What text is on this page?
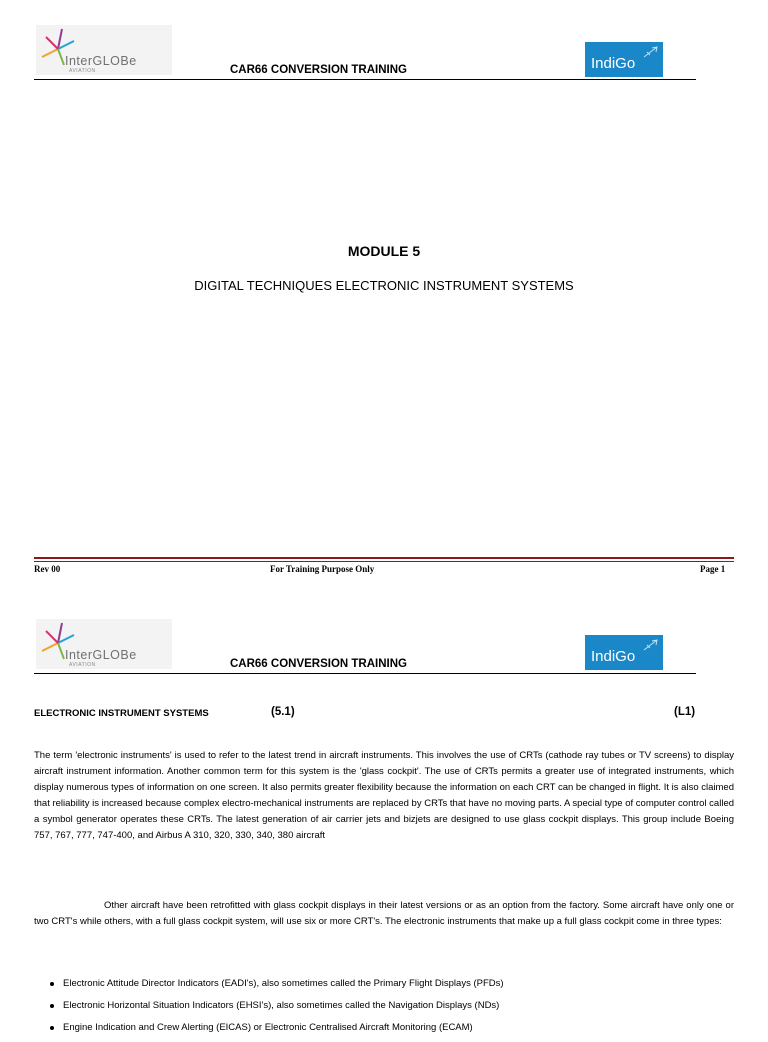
InterGLOBe
AVIATION	CAR66 CONVERSION TRAINING	IndiGo
MODULE 5
DIGITAL TECHNIQUES ELECTRONIC INSTRUMENT SYSTEMS
Rev 00	For Training Purpose Only	Page 1
InterGLOBe
AVIATION	CAR66 CONVERSION TRAINING	IndiGo
ELECTRONIC INSTRUMENT SYSTEMS	(5.1)	(L1)
The term 'electronic instruments' is used to refer to the latest trend in aircraft instruments. This involves the use of CRTs (cathode ray tubes or TV screens) to display aircraft instrument information. Another common term for this system is the 'glass cockpit'. The use of CRTs permits a greater use of integrated instruments, which display numerous types of information on one screen. It also permits greater flexibility because the information on each CRT can be changed in flight. It is also claimed that reliability is increased because complex electro-mechanical instruments are replaced by CRTs that have no moving parts. A special type of computer control called a symbol generator operates these CRTs. The latest generation of air carrier jets and bizjets are designed to use glass cockpit displays. This group include Boeing 757, 767, 777, 747-400, and Airbus A 310, 320, 330, 340, 380 aircraft
Other aircraft have been retrofitted with glass cockpit displays in their latest versions or as an option from the factory. Some aircraft have only one or two CRT's while others, with a full glass cockpit system, will use six or more CRT's. The electronic instruments that make up a full glass cockpit come in three types:
Electronic Attitude Director Indicators (EADI's), also sometimes called the Primary Flight Displays (PFDs)
Electronic Horizontal Situation Indicators (EHSI's), also sometimes called the Navigation Displays (NDs)
Engine Indication and Crew Alerting (EICAS) or Electronic Centralised Aircraft Monitoring (ECAM)
